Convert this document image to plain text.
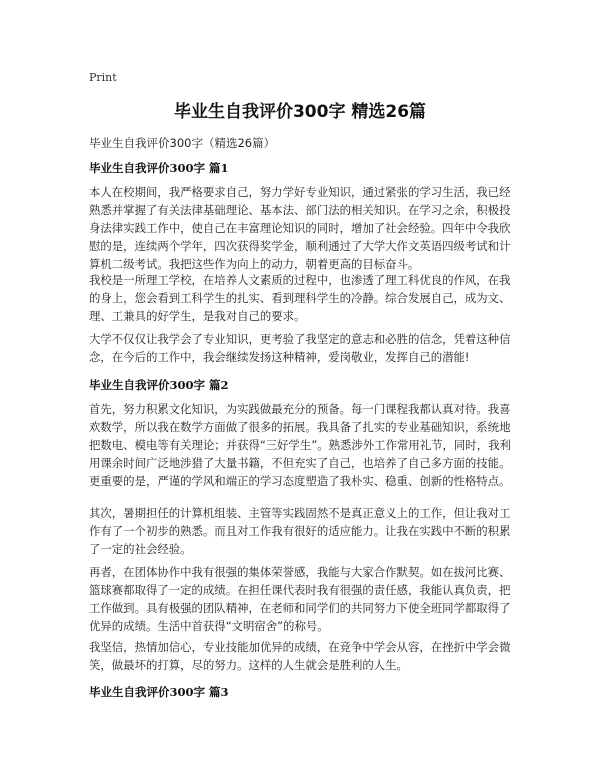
Print
毕业生自我评价300字 精选26篇
毕业生自我评价300字（精选26篇）
毕业生自我评价300字 篇1
本人在校期间，我严格要求自己，努力学好专业知识，通过紧张的学习生活，我已经熟悉并掌握了有关法律基础理论、基本法、部门法的相关知识。在学习之余，积极投身法律实践工作中，使自己在丰富理论知识的同时，增加了社会经验。四年中令我欣慰的是，连续两个学年，四次获得奖学金，顺利通过了大学大作文英语四级考试和计算机二级考试。我把这些作为向上的动力，朝着更高的目标奋斗。
我校是一所理工学校，在培养人文素质的过程中，也渗透了理工科优良的作风，在我的身上，您会看到工科学生的扎实、看到理科学生的冷静。综合发展自己，成为文、理、工兼具的好学生，是我对自己的要求。
大学不仅仅让我学会了专业知识，更考验了我坚定的意志和必胜的信念，凭着这种信念，在今后的工作中，我会继续发扬这种精神，爱岗敬业，发挥自己的潜能!
毕业生自我评价300字 篇2
首先，努力积累文化知识，为实践做最充分的预备。每一门课程我都认真对待。我喜欢数学，所以我在数学方面做了很多的拓展。我具备了扎实的专业基础知识，系统地把数电、模电等有关理论；并获得“三好学生”。熟悉涉外工作常用礼节，同时，我利用课余时间广泛地涉猎了大量书籍，不但充实了自己，也培养了自己多方面的技能。更重要的是，严谨的学风和端正的学习态度塑造了我朴实、稳重、创新的性格特点。
其次，暑期担任的计算机组装、主管等实践固然不是真正意义上的工作，但让我对工作有了一个初步的熟悉。而且对工作我有很好的适应能力。让我在实践中不断的积累了一定的社会经验。
再者，在团体协作中我有很强的集体荣誉感，我能与大家合作默契。如在拔河比赛、篮球赛都取得了一定的成绩。在担任课代表时我有很强的责任感，我能认真负责，把工作做到。具有极强的团队精神，在老师和同学们的共同努力下使全班同学都取得了优异的成绩。生活中首获得“文明宿舍”的称号。
我坚信，热情加信心，专业技能加优异的成绩，在竞争中学会从容，在挫折中学会微笑，做最坏的打算，尽的努力。这样的人生就会是胜利的人生。
毕业生自我评价300字 篇3
